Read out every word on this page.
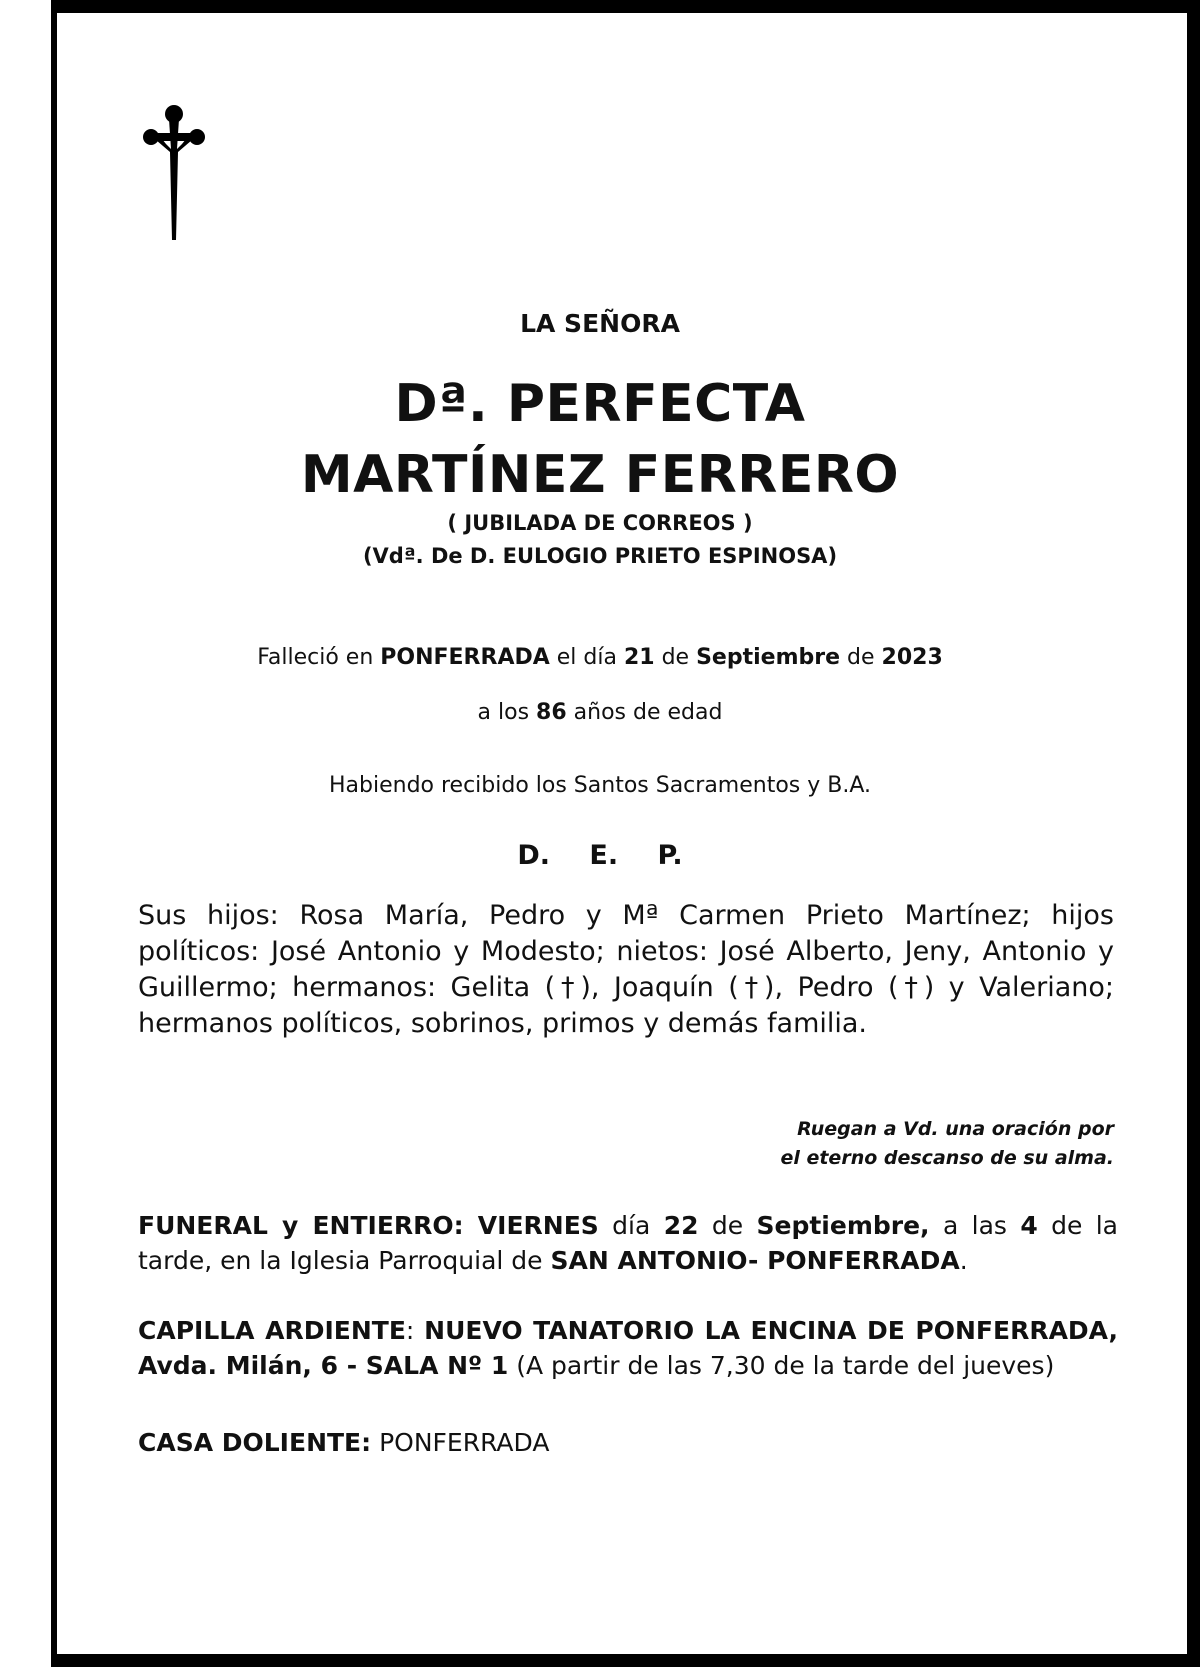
LA SEÑORA
Dª. PERFECTA
MARTÍNEZ FERRERO
( JUBILADA DE CORREOS )
(Vdª. De D. EULOGIO PRIETO ESPINOSA)
Falleció en PONFERRADA el día 21 de Septiembre de 2023
a los 86 años de edad
Habiendo recibido los Santos Sacramentos y B.A.
D. E. P.
Sus hijos: Rosa María, Pedro y Mª Carmen Prieto Martínez; hijos políticos: José Antonio y Modesto; nietos: José Alberto, Jeny, Antonio y Guillermo; hermanos: Gelita (†), Joaquín (†), Pedro (†) y Valeriano; hermanos políticos, sobrinos, primos y demás familia.
Ruegan a Vd. una oración por
el eterno descanso de su alma.
FUNERAL y ENTIERRO: VIERNES día 22 de Septiembre, a las 4 de la tarde, en la Iglesia Parroquial de SAN ANTONIO- PONFERRADA.
CAPILLA ARDIENTE: NUEVO TANATORIO LA ENCINA DE PONFERRADA, Avda. Milán, 6 - SALA Nº 1 (A partir de las 7,30 de la tarde del jueves)
CASA DOLIENTE: PONFERRADA
